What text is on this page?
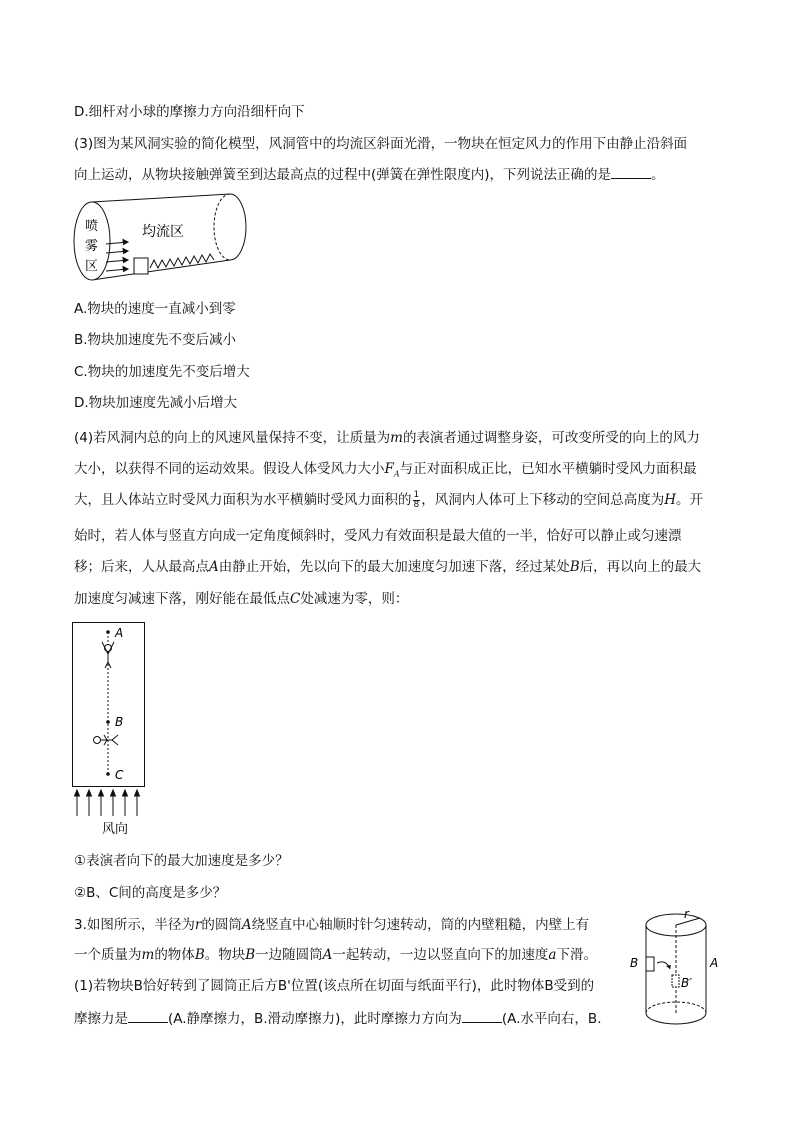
D.细杆对小球的摩擦力方向沿细杆向下
(3)图为某风洞实验的简化模型，风洞管中的均流区斜面光滑，一物块在恒定风力的作用下由静止沿斜面
向上运动，从物块接触弹簧至到达最高点的过程中(弹簧在弹性限度内)，下列说法正确的是	。
喷
雾
区
均流区
A.物块的速度一直减小到零
B.物块加速度先不变后减小
C.物块的加速度先不变后增大
D.物块加速度先减小后增大
(4)若风洞内总的向上的风速风量保持不变，让质量为m的表演者通过调整身姿，可改变所受的向上的风力
大小，以获得不同的运动效果。假设人体受风力大小$F_A$与正对面积成正比，已知水平横躺时受风力面积最
大，且人体站立时受风力面积为水平横躺时受风力面积的 $\frac{1}{8}$ ，风洞内人体可上下移动的空间总高度为H。开
始时，若人体与竖直方向成一定角度倾斜时，受风力有效面积是最大值的一半，恰好可以静止或匀速漂
移；后来，人从最高点A由静止开始，先以向下的最大加速度匀加速下落，经过某处B后，再以向上的最大
加速度匀减速下落，刚好能在最低点C处减速为零，则：
A
B
C
风向
①表演者向下的最大加速度是多少？
②B、C间的高度是多少？
3.如图所示，半径为r的圆筒A绕竖直中心轴顺时针匀速转动，筒的内壁粗糙，内壁上有
一个质量为m的物体B。物块B一边随圆筒A一起转动，一边以竖直向下的加速度a下滑。
(1)若物块B恰好转到了圆筒正后方B'位置(该点所在切面与纸面平行)，此时物体B受到的
摩擦力是	(A.静摩擦力，B.滑动摩擦力)，此时摩擦力方向为	(A.水平向右，B.
r
A
B
B′
